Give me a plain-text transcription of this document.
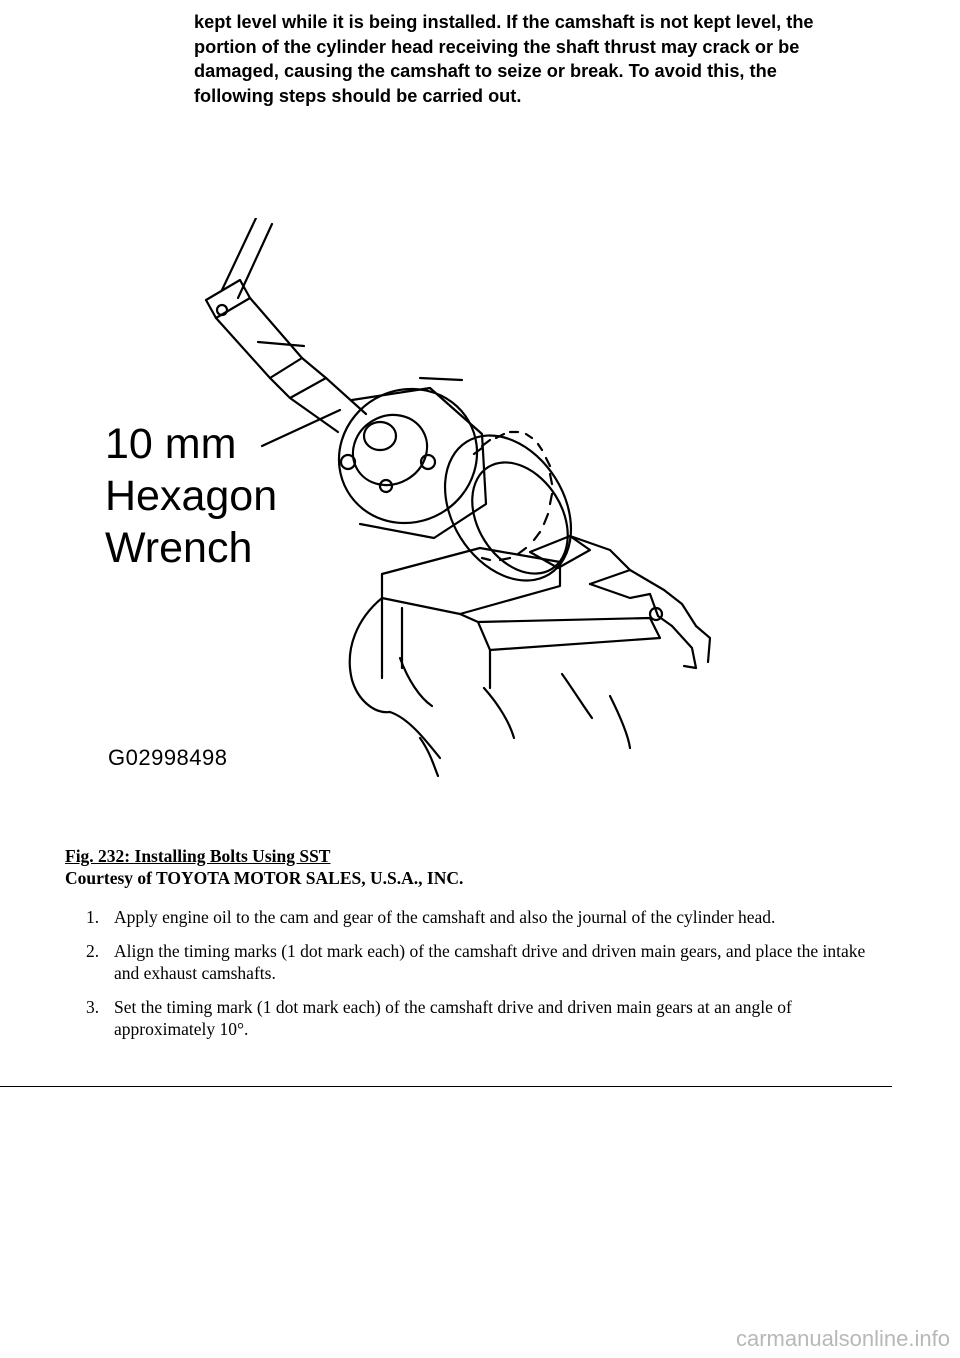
kept level while it is being installed. If the camshaft is not kept level, the
portion of the cylinder head receiving the shaft thrust may crack or be
damaged, causing the camshaft to seize or break. To avoid this, the
following steps should be carried out.
10 mm
Hexagon
Wrench
G02998498
Fig. 232: Installing Bolts Using SST
Courtesy of TOYOTA MOTOR SALES, U.S.A., INC.
1. Apply engine oil to the cam and gear of the camshaft and also the journal of the cylinder head.
2. Align the timing marks (1 dot mark each) of the camshaft drive and driven main gears, and place the intake and exhaust camshafts.
3. Set the timing mark (1 dot mark each) of the camshaft drive and driven main gears at an angle of approximately 10°.
carmanualsonline.info
